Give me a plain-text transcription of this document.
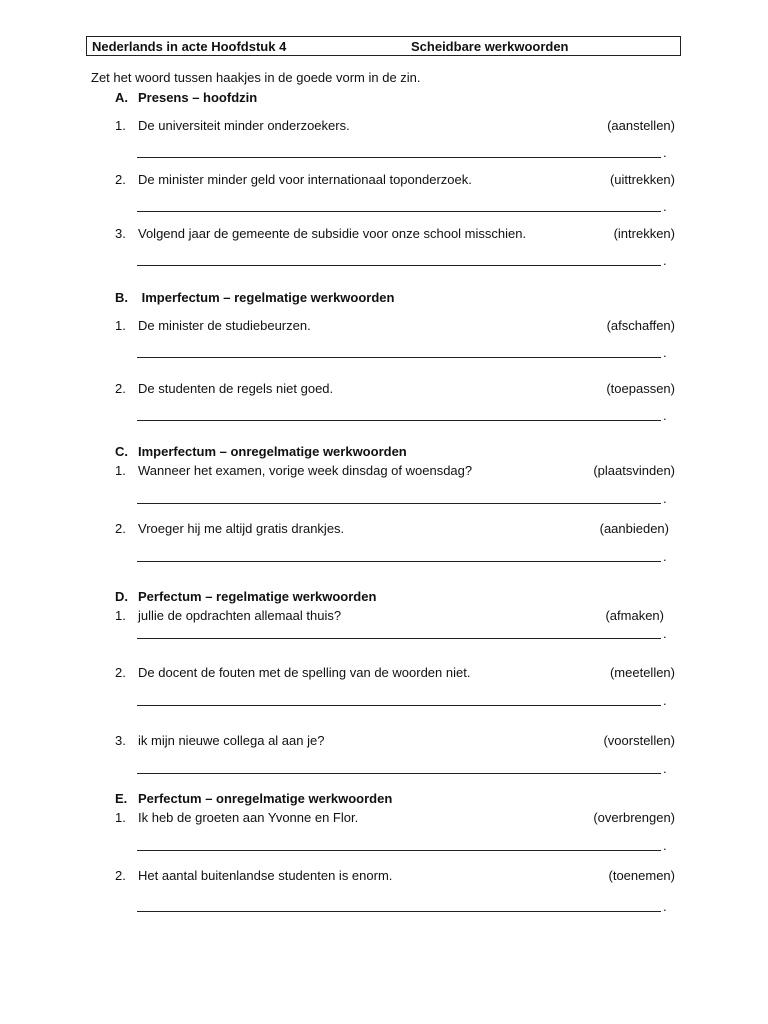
Nederlands in acte Hoofdstuk 4	Scheidbare werkwoorden
Zet het woord tussen haakjes in de goede vorm in de zin.
A. Presens – hoofdzin
1. De universiteit minder onderzoekers.	(aanstellen)
.
2. De minister minder geld voor internationaal toponderzoek.	(uittrekken)
.
3. Volgend jaar de gemeente de subsidie voor onze school misschien.	(intrekken)
.
B. Imperfectum – regelmatige werkwoorden
1. De minister de studiebeurzen.	(afschaffen)
.
2. De studenten de regels niet goed.	(toepassen)
.
C. Imperfectum – onregelmatige werkwoorden
1. Wanneer het examen, vorige week dinsdag of woensdag?	(plaatsvinden)
.
2. Vroeger hij me altijd gratis drankjes.	(aanbieden)
.
D. Perfectum – regelmatige werkwoorden
1. jullie de opdrachten allemaal thuis?	(afmaken)
.
2. De docent de fouten met de spelling van de woorden niet.	(meetellen)
.
3. ik mijn nieuwe collega al aan je?	(voorstellen)
.
E. Perfectum – onregelmatige werkwoorden
1. Ik heb de groeten aan Yvonne en Flor.	(overbrengen)
.
2. Het aantal buitenlandse studenten is enorm.	(toenemen)
.
